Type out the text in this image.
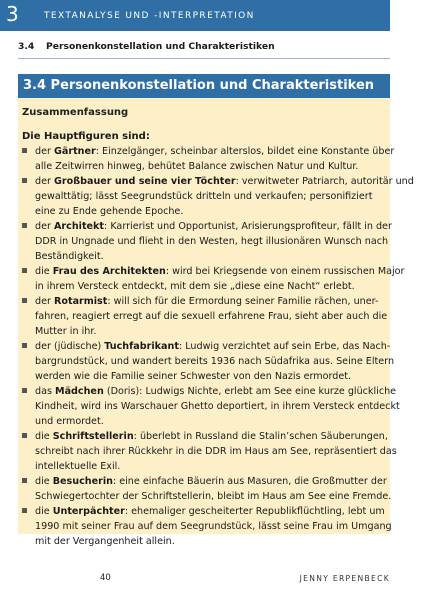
3	TEXTANALYSE UND -INTERPRETATION
3.4 Personenkonstellation und Charakteristiken
3.4 Personenkonstellation und Charakteristiken
Zusammenfassung
Die Hauptfiguren sind:

der Gärtner: Einzelgänger, scheinbar alterslos, bildet eine Konstante über

alle Zeitwirren hinweg, behütet Balance zwischen Natur und Kultur.

der Großbauer und seine vier Töchter: verwitweter Patriarch, autoritär und

gewalttätig; lässt Seegrundstück dritteln und verkaufen; personifiziert

eine zu Ende gehende Epoche.

der Architekt: Karrierist und Opportunist, Arisierungsprofiteur, fällt in der

DDR in Ungnade und flieht in den Westen, hegt illusionären Wunsch nach

Beständigkeit.

die Frau des Architekten: wird bei Kriegsende von einem russischen Major

in ihrem Versteck entdeckt, mit dem sie „diese eine Nacht“ erlebt.

der Rotarmist: will sich für die Ermordung seiner Familie rächen, uner-

fahren, reagiert erregt auf die sexuell erfahrene Frau, sieht aber auch die

Mutter in ihr.

der (jüdische) Tuchfabrikant: Ludwig verzichtet auf sein Erbe, das Nach-

bargrundstück, und wandert bereits 1936 nach Südafrika aus. Seine Eltern

werden wie die Familie seiner Schwester von den Nazis ermordet.

das Mädchen (Doris): Ludwigs Nichte, erlebt am See eine kurze glückliche

Kindheit, wird ins Warschauer Ghetto deportiert, in ihrem Versteck entdeckt

und ermordet.

die Schriftstellerin: überlebt in Russland die Stalin’schen Säuberungen,

schreibt nach ihrer Rückkehr in die DDR im Haus am See, repräsentiert das

intellektuelle Exil.

die Besucherin: eine einfache Bäuerin aus Masuren, die Großmutter der

Schwiegertochter der Schriftstellerin, bleibt im Haus am See eine Fremde.

die Unterpächter: ehemaliger gescheiterter Republikflüchtling, lebt um

1990 mit seiner Frau auf dem Seegrundstück, lässt seine Frau im Umgang

mit der Vergangenheit allein.

40	JENNY ERPENBECK
